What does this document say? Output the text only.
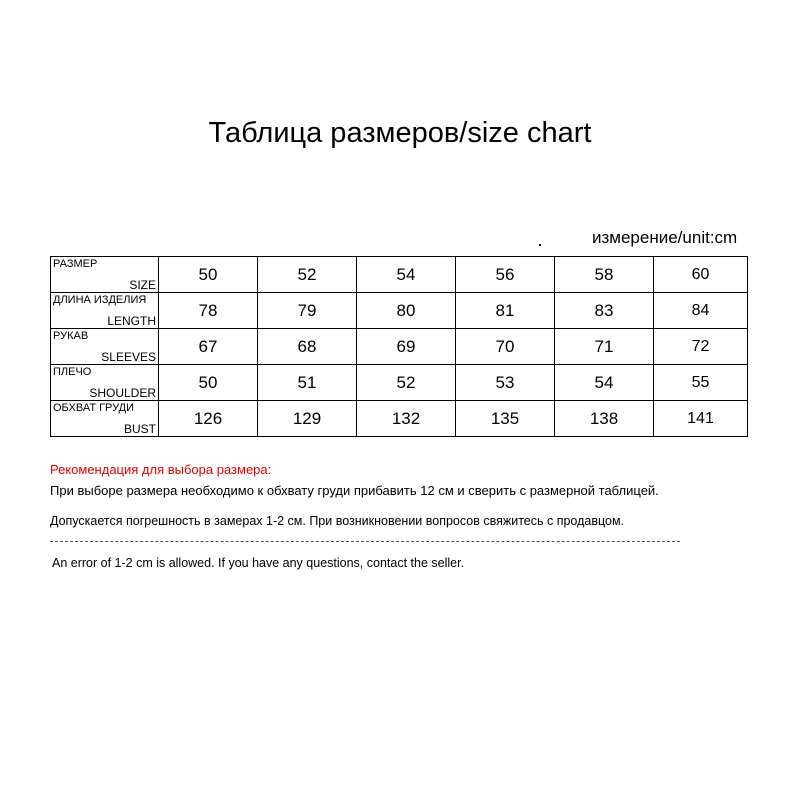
Таблица размеров/size chart
измерение/unit:cm
РАЗМЕР
SIZE	50	52	54	56	58	60

ДЛИНА ИЗДЕЛИЯ
LENGTH	78	79	80	81	83	84

РУКАВ
SLEEVES	67	68	69	70	71	72

ПЛЕЧО
SHOULDER	50	51	52	53	54	55

ОБХВАТ ГРУДИ
BUST	126	129	132	135	138	141
Рекомендация для выбора размера:
При выборе размера необходимо к обхвату груди прибавить 12 см и сверить с размерной таблицей.
Допускается погрешность в замерах 1-2 см. При возникновении вопросов свяжитесь с продавцом.
An error of 1-2 cm is allowed. If you have any questions, contact the seller.
